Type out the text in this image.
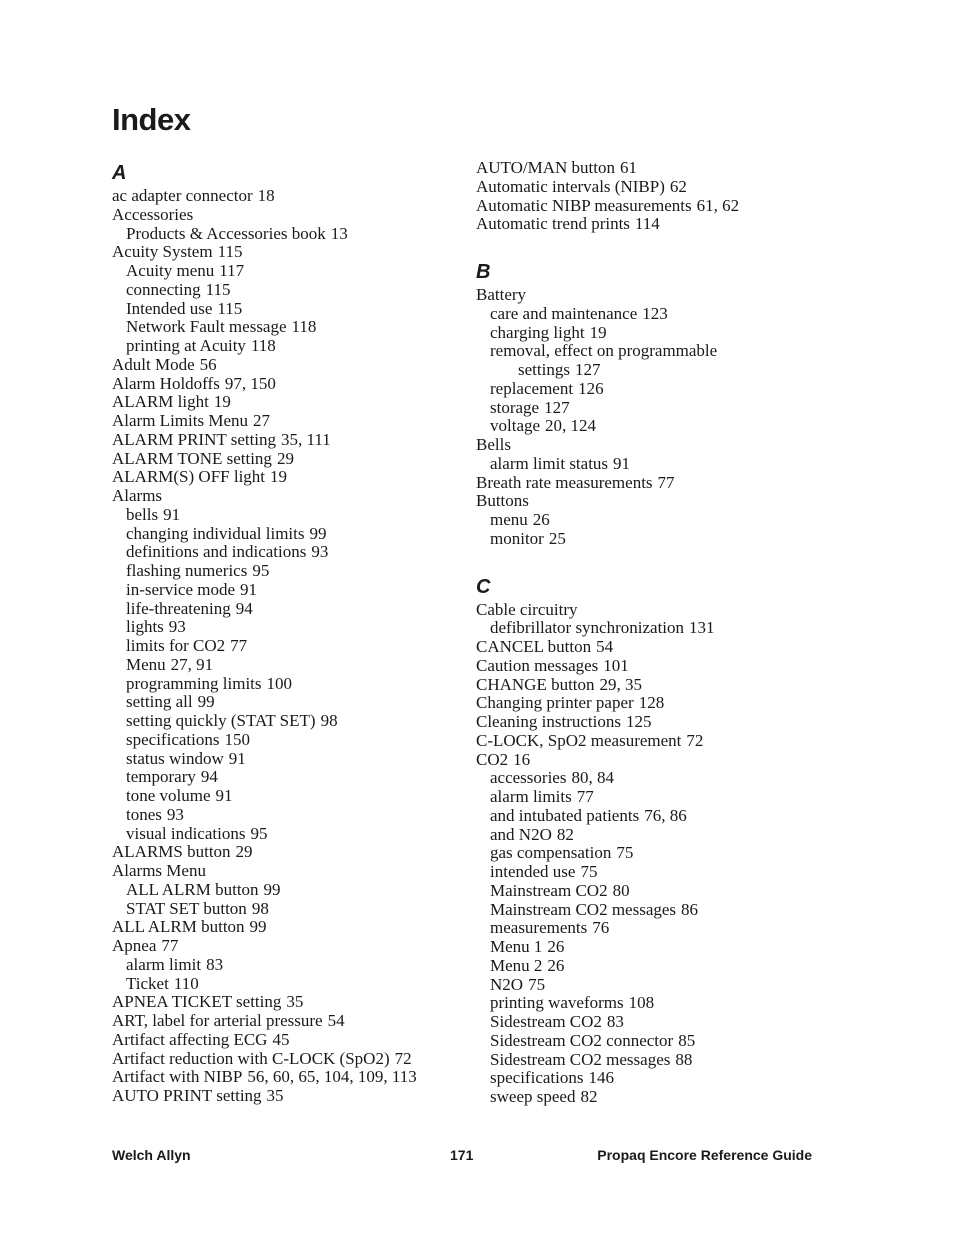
Index
A
ac adapter connector 18
Accessories
Products & Accessories book 13
Acuity System 115
Acuity menu 117
connecting 115
Intended use 115
Network Fault message 118
printing at Acuity 118
Adult Mode 56
Alarm Holdoffs 97, 150
ALARM light 19
Alarm Limits Menu 27
ALARM PRINT setting 35, 111
ALARM TONE setting 29
ALARM(S) OFF light 19
Alarms
bells 91
changing individual limits 99
definitions and indications 93
flashing numerics 95
in-service mode 91
life-threatening 94
lights 93
limits for CO2 77
Menu 27, 91
programming limits 100
setting all 99
setting quickly (STAT SET) 98
specifications 150
status window 91
temporary 94
tone volume 91
tones 93
visual indications 95
ALARMS button 29
Alarms Menu
ALL ALRM button 99
STAT SET button 98
ALL ALRM button 99
Apnea 77
alarm limit 83
Ticket 110
APNEA TICKET setting 35
ART, label for arterial pressure 54
Artifact affecting ECG 45
Artifact reduction with C-LOCK (SpO2) 72
Artifact with NIBP 56, 60, 65, 104, 109, 113
AUTO PRINT setting 35
AUTO/MAN button 61
Automatic intervals (NIBP) 62
Automatic NIBP measurements 61, 62
Automatic trend prints 114
B
Battery
care and maintenance 123
charging light 19
removal, effect on programmable
settings 127
replacement 126
storage 127
voltage 20, 124
Bells
alarm limit status 91
Breath rate measurements 77
Buttons
menu 26
monitor 25
C
Cable circuitry
defibrillator synchronization 131
CANCEL button 54
Caution messages 101
CHANGE button 29, 35
Changing printer paper 128
Cleaning instructions 125
C-LOCK, SpO2 measurement 72
CO2 16
accessories 80, 84
alarm limits 77
and intubated patients 76, 86
and N2O 82
gas compensation 75
intended use 75
Mainstream CO2 80
Mainstream CO2 messages 86
measurements 76
Menu 1 26
Menu 2 26
N2O 75
printing waveforms 108
Sidestream CO2 83
Sidestream CO2 connector 85
Sidestream CO2 messages 88
specifications 146
sweep speed 82
Welch Allyn	171	Propaq Encore Reference Guide
